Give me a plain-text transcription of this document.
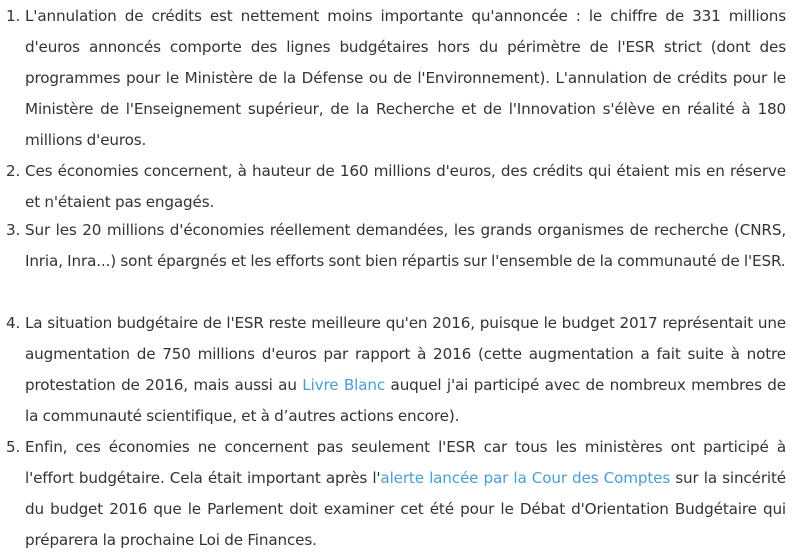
1. L'annulation de crédits est nettement moins importante qu'annoncée : le chiffre de 331 millions d'euros annoncés comporte des lignes budgétaires hors du périmètre de l'ESR strict (dont des programmes pour le Ministère de la Défense ou de l'Environnement). L'annulation de crédits pour le Ministère de l'Enseignement supérieur, de la Recherche et de l'Innovation s'élève en réalité à 180 millions d'euros.
2. Ces économies concernent, à hauteur de 160 millions d'euros, des crédits qui étaient mis en réserve et n'étaient pas engagés.
3. Sur les 20 millions d'économies réellement demandées, les grands organismes de recherche (CNRS, Inria, Inra...) sont épargnés et les efforts sont bien répartis sur l'ensemble de la communauté de l'ESR.
4. La situation budgétaire de l'ESR reste meilleure qu'en 2016, puisque le budget 2017 représentait une augmentation de 750 millions d'euros par rapport à 2016 (cette augmentation a fait suite à notre protestation de 2016, mais aussi au Livre Blanc auquel j'ai participé avec de nombreux membres de la communauté scientifique, et à d’autres actions encore).
5. Enfin, ces économies ne concernent pas seulement l'ESR car tous les ministères ont participé à l'effort budgétaire. Cela était important après l'alerte lancée par la Cour des Comptes sur la sincérité du budget 2016 que le Parlement doit examiner cet été pour le Débat d'Orientation Budgétaire qui préparera la prochaine Loi de Finances.
